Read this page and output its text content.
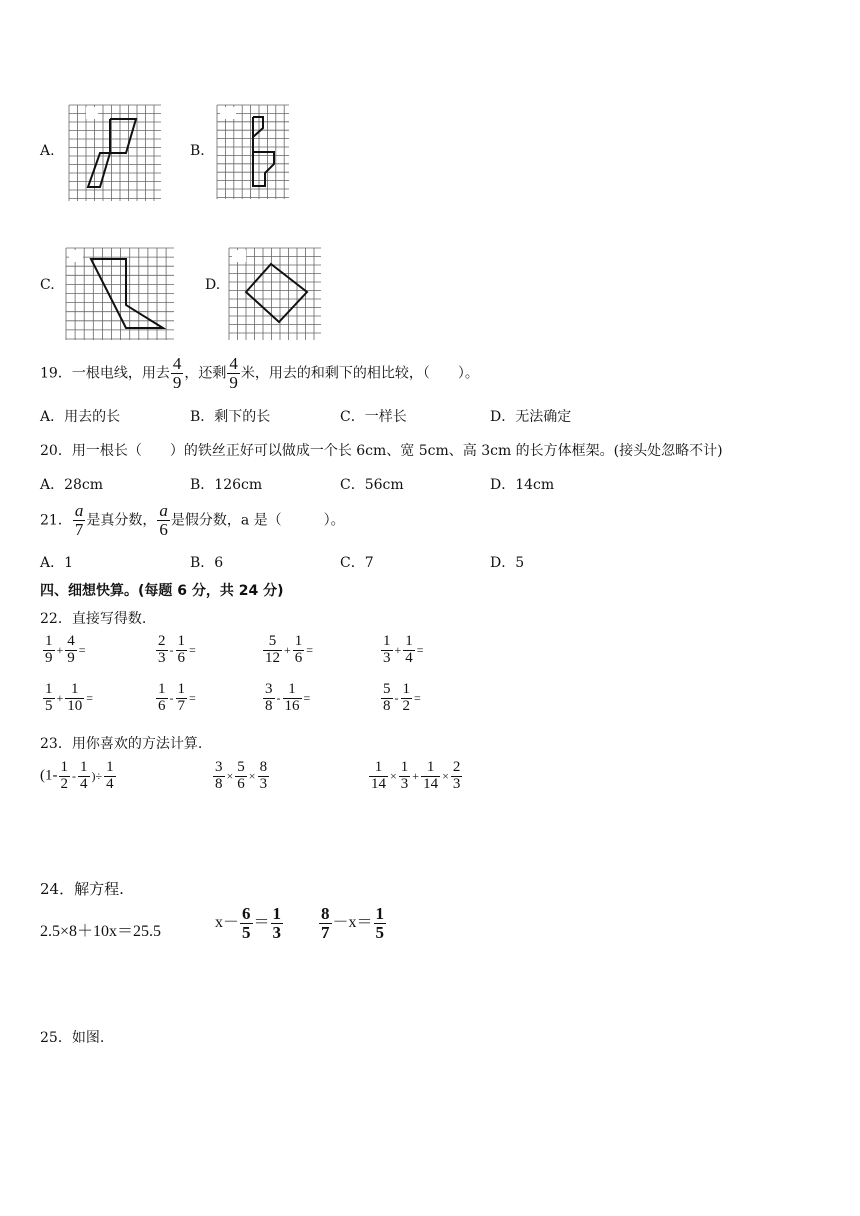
A.	B.
C.	D.
19．一根电线，用去 $\frac{4}{9}$ ，还剩 $\frac{4}{9}$ 米，用去的和剩下的相比较，（　　）。
A．用去的长	B．剩下的长	C．一样长	D．无法确定
20．用一根长（　　）的铁丝正好可以做成一个长 6cm、宽 5cm、高 3cm 的长方体框架。(接头处忽略不计)
A．28cm	B．126cm	C．56cm	D．14cm
21． $\frac{a}{7}$ 是真分数， $\frac{a}{6}$ 是假分数，a 是（　　　）。
A．1	B．6	C．7	D．5
四、细想快算。(每题 6 分，共 24 分)
22．直接写得数.
$\frac{1}{9} + \frac{4}{9}$ =	$\frac{2}{3} - \frac{1}{6}$ =	$\frac{5}{12} + \frac{1}{6}$ =	$\frac{1}{3} + \frac{1}{4}$ =
$\frac{1}{5} + \frac{1}{10}$ =	$\frac{1}{6} - \frac{1}{7}$ =	$\frac{3}{8} - \frac{1}{16}$ =	$\frac{5}{8} - \frac{1}{2}$ =
23．用你喜欢的方法计算.
($1- \frac{1}{2} - \frac{1}{4}$ )÷ $\frac{1}{4}$	$\frac{3}{8} \times \frac{5}{6} \times \frac{8}{3}$	$\frac{1}{14} \times \frac{1}{3} + \frac{1}{14} \times \frac{2}{3}$
24．解方程.
2.5×8＋10x＝25.5
$x- \frac{6}{5} = \frac{1}{3} \frac{8}{7} -x= \frac{1}{5}$
25．如图.
